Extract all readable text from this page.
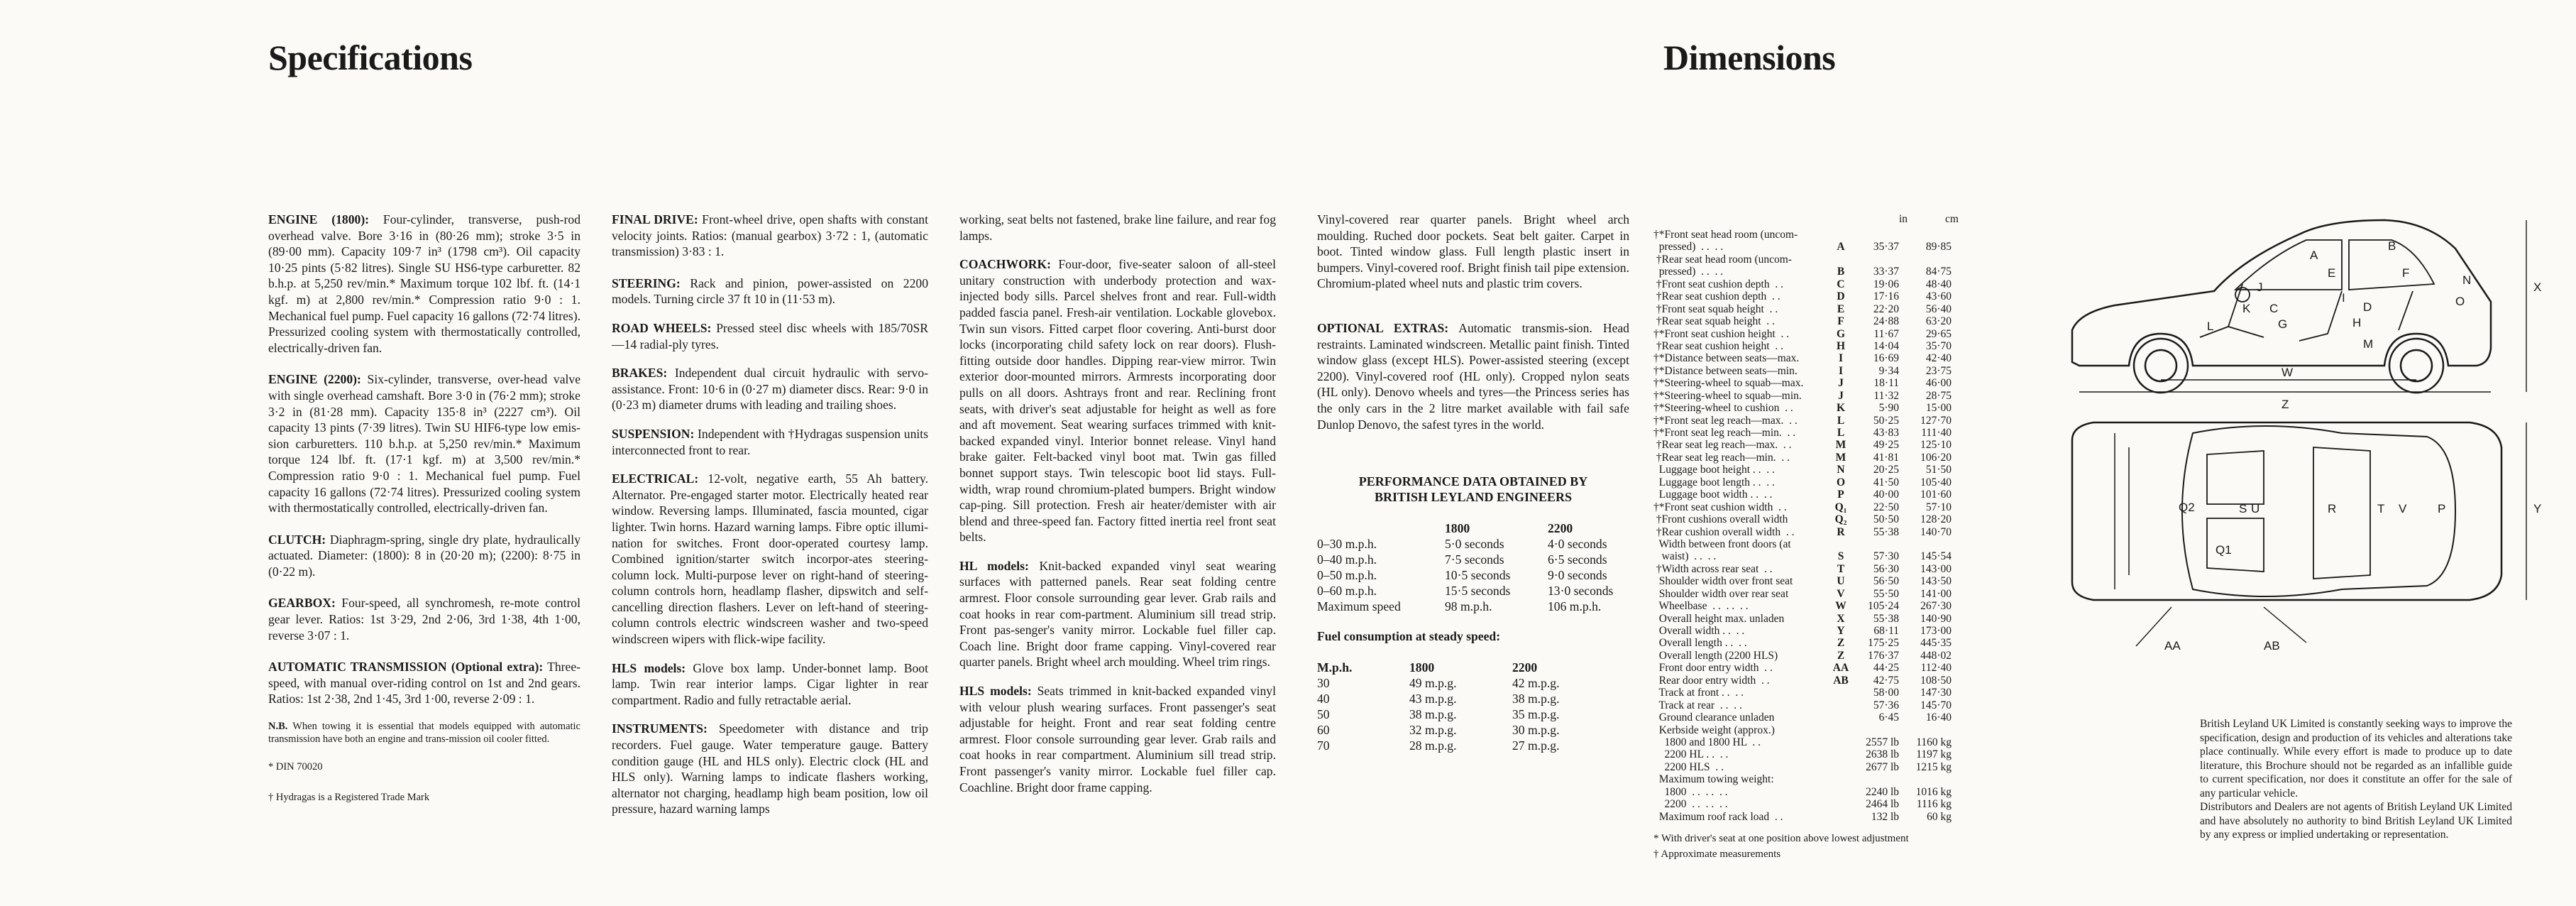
Specifications	Dimensions

ENGINE (1800): Four-cylinder, transverse, push-rod overhead valve. Bore 3·16 in (80·26 mm); stroke 3·5 in (89·00 mm). Capacity 109·7 in³ (1798 cm³). Oil capacity 10·25 pints (5·82 litres). Single SU HS6-type carburetter. 82 b.h.p. at 5,250 rev/min.* Maximum torque 102 lbf. ft. (14·1 kgf. m) at 2,800 rev/min.* Compression ratio 9·0 : 1. Mechanical fuel pump. Fuel capacity 16 gallons (72·74 litres). Pressurized cooling system with thermostatically controlled, electrically-driven fan.

ENGINE (2200): Six-cylinder, transverse, over-head valve with single overhead camshaft. Bore 3·0 in (76·2 mm); stroke 3·2 in (81·28 mm). Capacity 135·8 in³ (2227 cm³). Oil capacity 13 pints (7·39 litres). Twin SU HIF6-type low emis-sion carburetters. 110 b.h.p. at 5,250 rev/min.* Maximum torque 124 lbf. ft. (17·1 kgf. m) at 3,500 rev/min.* Compression ratio 9·0 : 1. Mechanical fuel pump. Fuel capacity 16 gallons (72·74 litres). Pressurized cooling system with thermostatically controlled, electrically-driven fan.

CLUTCH: Diaphragm-spring, single dry plate, hydraulically actuated. Diameter: (1800): 8 in (20·20 m); (2200): 8·75 in (0·22 m).

GEARBOX: Four-speed, all synchromesh, re-mote control gear lever. Ratios: 1st 3·29, 2nd 2·06, 3rd 1·38, 4th 1·00, reverse 3·07 : 1.

AUTOMATIC TRANSMISSION (Optional extra): Three-speed, with manual over-riding control on 1st and 2nd gears. Ratios: 1st 2·38, 2nd 1·45, 3rd 1·00, reverse 2·09 : 1.

N.B. When towing it is essential that models equipped with automatic transmission have both an engine and trans-mission oil cooler fitted.

* DIN 70020

† Hydragas is a Registered Trade Mark

FINAL DRIVE: Front-wheel drive, open shafts with constant velocity joints. Ratios: (manual gearbox) 3·72 : 1, (automatic transmission) 3·83 : 1.

STEERING: Rack and pinion, power-assisted on 2200 models. Turning circle 37 ft 10 in (11·53 m).

ROAD WHEELS: Pressed steel disc wheels with 185/70SR—14 radial-ply tyres.

BRAKES: Independent dual circuit hydraulic with servo-assistance. Front: 10·6 in (0·27 m) diameter discs. Rear: 9·0 in (0·23 m) diameter drums with leading and trailing shoes.

SUSPENSION: Independent with †Hydragas suspension units interconnected front to rear.

ELECTRICAL: 12-volt, negative earth, 55 Ah battery. Alternator. Pre-engaged starter motor. Electrically heated rear window. Reversing lamps. Illuminated, fascia mounted, cigar lighter. Twin horns. Hazard warning lamps. Fibre optic illumi-nation for switches. Front door-operated courtesy lamp. Combined ignition/starter switch incorpor-ates steering-column lock. Multi-purpose lever on right-hand of steering-column controls horn, headlamp flasher, dipswitch and self-cancelling direction flashers. Lever on left-hand of steering-column controls electric windscreen washer and two-speed windscreen wipers with flick-wipe facility.

HLS models: Glove box lamp. Under-bonnet lamp. Boot lamp. Twin rear interior lamps. Cigar lighter in rear compartment. Radio and fully retractable aerial.

INSTRUMENTS: Speedometer with distance and trip recorders. Fuel gauge. Water temperature gauge. Battery condition gauge (HL and HLS only). Electric clock (HL and HLS only). Warning lamps to indicate flashers working, alternator not charging, headlamp high beam position, low oil pressure, hazard warning lamps

working, seat belts not fastened, brake line failure, and rear fog lamps.

COACHWORK: Four-door, five-seater saloon of all-steel unitary construction with underbody protection and wax-injected body sills. Parcel shelves front and rear. Full-width padded fascia panel. Fresh-air ventilation. Lockable glovebox. Twin sun visors. Fitted carpet floor covering. Anti-burst door locks (incorporating child safety lock on rear doors). Flush-fitting outside door handles. Dipping rear-view mirror. Twin exterior door-mounted mirrors. Armrests incorporating door pulls on all doors. Ashtrays front and rear. Reclining front seats, with driver's seat adjustable for height as well as fore and aft movement. Seat wearing surfaces trimmed with knit-backed expanded vinyl. Interior bonnet release. Vinyl hand brake gaiter. Felt-backed vinyl boot mat. Twin gas filled bonnet support stays. Twin telescopic boot lid stays. Full-width, wrap round chromium-plated bumpers. Bright window cap-ping. Sill protection. Fresh air heater/demister with air blend and three-speed fan. Factory fitted inertia reel front seat belts.

HL models: Knit-backed expanded vinyl seat wearing surfaces with patterned panels. Rear seat folding centre armrest. Floor console surrounding gear lever. Grab rails and coat hooks in rear com-partment. Aluminium sill tread strip. Front pas-senger's vanity mirror. Lockable fuel filler cap. Coach line. Bright door frame capping. Vinyl-covered rear quarter panels. Bright wheel arch moulding. Wheel trim rings.

HLS models: Seats trimmed in knit-backed expanded vinyl with velour plush wearing surfaces. Front passenger's seat adjustable for height. Front and rear seat folding centre armrest. Floor console surrounding gear lever. Grab rails and coat hooks in rear compartment. Aluminium sill tread strip. Front passenger's vanity mirror. Lockable fuel filler cap. Coachline. Bright door frame capping.

Vinyl-covered rear quarter panels. Bright wheel arch moulding. Ruched door pockets. Seat belt gaiter. Carpet in boot. Tinted window glass. Full length plastic insert in bumpers. Vinyl-covered roof. Bright finish tail pipe extension. Chromium-plated wheel nuts and plastic trim covers.

OPTIONAL EXTRAS: Automatic transmis-sion. Head restraints. Laminated windscreen. Metallic paint finish. Tinted window glass (except HLS). Power-assisted steering (except 2200). Vinyl-covered roof (HL only). Cropped nylon seats (HL only). Denovo wheels and tyres—the Princess series has the only cars in the 2 litre market available with fail safe Dunlop Denovo, the safest tyres in the world.

PERFORMANCE DATA OBTAINED BY
BRITISH LEYLAND ENGINEERS
	1800	2200
0–30 m.p.h.	5·0 seconds	4·0 seconds
0–40 m.p.h.	7·5 seconds	6·5 seconds
0–50 m.p.h.	10·5 seconds	9·0 seconds
0–60 m.p.h.	15·5 seconds	13·0 seconds
Maximum speed	98 m.p.h.	106 m.p.h.

Fuel consumption at steady speed:

M.p.h.	1800	2200
30	49 m.p.g.	42 m.p.g.
40	43 m.p.g.	38 m.p.g.
50	38 m.p.g.	35 m.p.g.
60	32 m.p.g.	30 m.p.g.
70	28 m.p.g.	27 m.p.g.
in	cm
†*Front seat head room (uncom-
pressed)  . .  . .	A	35·37	89·85
†Rear seat head room (uncom-
pressed)  . .  . .	B	33·37	84·75
†Front seat cushion depth  . .	C	19·06	48·40
†Rear seat cushion depth  . .	D	17·16	43·60
†Front seat squab height  . .	E	22·20	56·40
†Rear seat squab height  . .	F	24·88	63·20
†*Front seat cushion height  . .	G	11·67	29·65
†Rear seat cushion height  . .	H	14·04	35·70
†*Distance between seats—max.	I	16·69	42·40
†*Distance between seats—min.	I	9·34	23·75
†*Steering-wheel to squab—max.	J	18·11	46·00
†*Steering-wheel to squab—min.	J	11·32	28·75
†*Steering-wheel to cushion  . .	K	5·90	15·00
†*Front seat leg reach—max.  . .	L	50·25	127·70
†*Front seat leg reach—min.  . .	L	43·83	111·40
†Rear seat leg reach—max.  . .	M	49·25	125·10
†Rear seat leg reach—min.  . .	M	41·81	106·20
Luggage boot height . .  . .	N	20·25	51·50
Luggage boot length . .  . .	O	41·50	105·40
Luggage boot width . .  . .	P	40·00	101·60
†*Front seat cushion width  . .	Q₁	22·50	57·10
†Front cushions overall width	Q₂	50·50	128·20
†Rear cushion overall width  . .	R	55·38	140·70
Width between front doors (at
waist)  . .  . .	S	57·30	145·54
†Width across rear seat  . .	T	56·30	143·00
Shoulder width over front seat	U	56·50	143·50
Shoulder width over rear seat	V	55·50	141·00
Wheelbase  . .  . .  . .	W	105·24	267·30
Overall height max. unladen	X	55·38	140·90
Overall width . .  . .	Y	68·11	173·00
Overall length . .  . .	Z	175·25	445·35
Overall length (2200 HLS)	Z	176·37	448·02
Front door entry width  . .	AA	44·25	112·40
Rear door entry width  . .	AB	42·75	108·50
Track at front . .  . .	58·00	147·30
Track at rear  . .  . .	57·36	145·70
Ground clearance unladen	6·45	16·40
Kerbside weight (approx.)
1800 and 1800 HL  . .	2557 lb	1160 kg
2200 HL . .  . .	2638 lb	1197 kg
2200 HLS  . .	2677 lb	1215 kg
Maximum towing weight:
1800  . .  . .  . .	2240 lb	1016 kg
2200  . .  . .  . .	2464 lb	1116 kg
Maximum roof rack load  . .	132 lb	60 kg
* With driver's seat at one position above lowest adjustment
† Approximate measurements
W
Z
X
A
B
C	D
E	F
G	H
I
J
K
L
M
N
O
Q2	S U	R	T V	P
Q1
Y
AA	AB

British Leyland UK Limited is constantly seeking ways to improve the specification, design and production of its vehicles and alterations take place continually. While every effort is made to produce up to date literature, this Brochure should not be regarded as an infallible guide to current specification, nor does it constitute an offer for the sale of any particular vehicle.

Distributors and Dealers are not agents of British Leyland UK Limited and have absolutely no authority to bind British Leyland UK Limited by any express or implied undertaking or representation.
